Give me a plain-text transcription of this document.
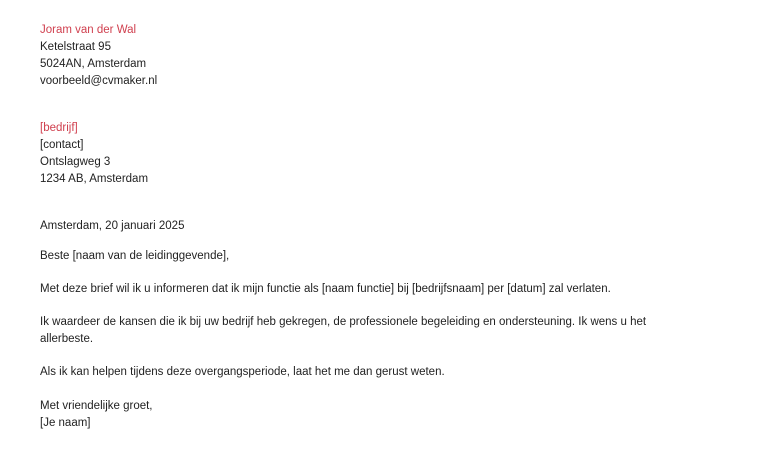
Joram van der Wal
Ketelstraat 95
5024AN, Amsterdam
voorbeeld@cvmaker.nl
[bedrijf]
[contact]
Ontslagweg 3
1234 AB, Amsterdam
Amsterdam, 20 januari 2025
Beste [naam van de leidinggevende],
Met deze brief wil ik u informeren dat ik mijn functie als [naam functie] bij [bedrijfsnaam] per [datum] zal verlaten.
Ik waardeer de kansen die ik bij uw bedrijf heb gekregen, de professionele begeleiding en ondersteuning. Ik wens u het allerbeste.
Als ik kan helpen tijdens deze overgangsperiode, laat het me dan gerust weten.
Met vriendelijke groet,
[Je naam]
